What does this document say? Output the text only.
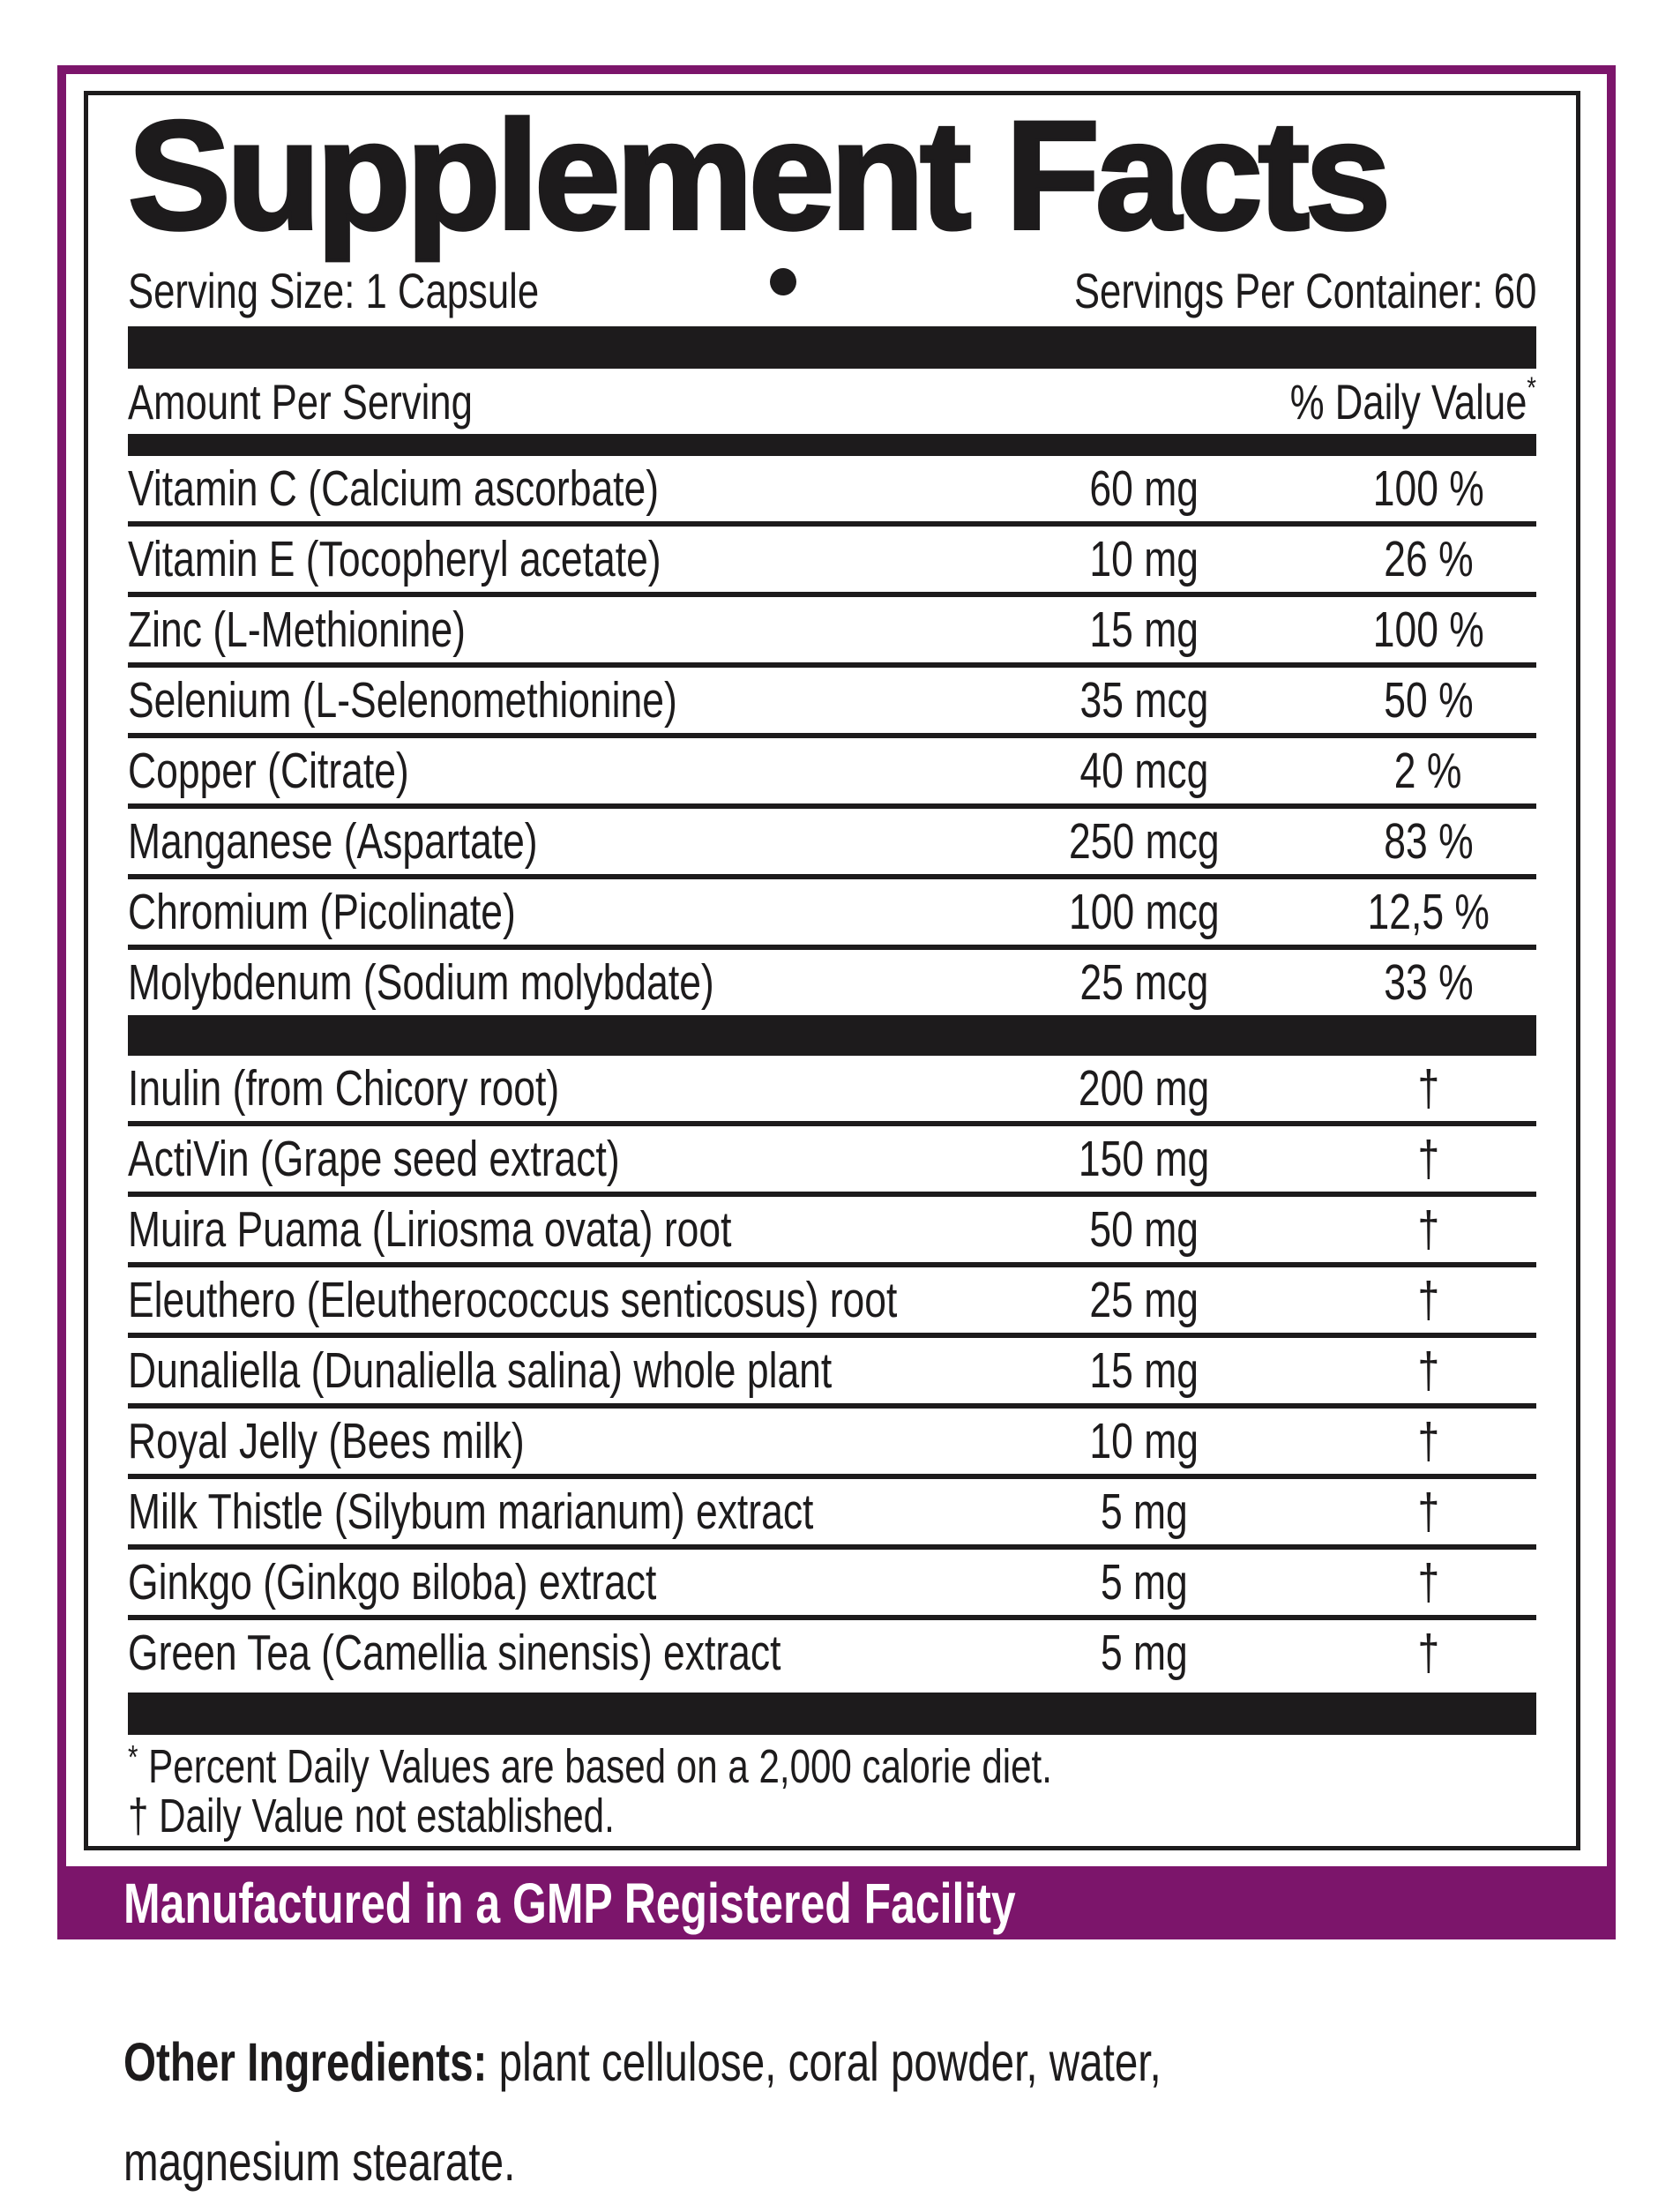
Supplement Facts
Serving Size: 1 Capsule	Servings Per Container: 60
Amount Per Serving	% Daily Value*
Vitamin C (Calcium ascorbate)	60 mg	100 %
Vitamin E (Tocopheryl acetate)	10 mg	26 %
Zinc (L-Methionine)	15 mg	100 %
Selenium (L-Selenomethionine)	35 mcg	50 %
Copper (Citrate)	40 mcg	2 %
Manganese (Aspartate)	250 mcg	83 %
Chromium (Picolinate)	100 mcg	12,5 %
Molybdenum (Sodium molybdate)	25 mcg	33 %
Inulin (from Chicory root)	200 mg	†
ActiVin (Grape seed extract)	150 mg	†
Muira Puama (Liriosma ovata) root	50 mg	†
Eleuthero (Eleutherococcus senticosus) root	25 mg	†
Dunaliella (Dunaliella salina) whole plant	15 mg	†
Royal Jelly (Bees milk)	10 mg	†
Milk Thistle (Silybum marianum) extract	5 mg	†
Ginkgo (Ginkgo вiloba) extract	5 mg	†
Green Tea (Camellia sinensis) extract	5 mg	†
* Percent Daily Values are based on a 2,000 calorie diet.
† Daily Value not established.
Manufactured in a GMP Registered Facility
Other Ingredients: plant cellulose, coral powder, water, magnesium stearate.
